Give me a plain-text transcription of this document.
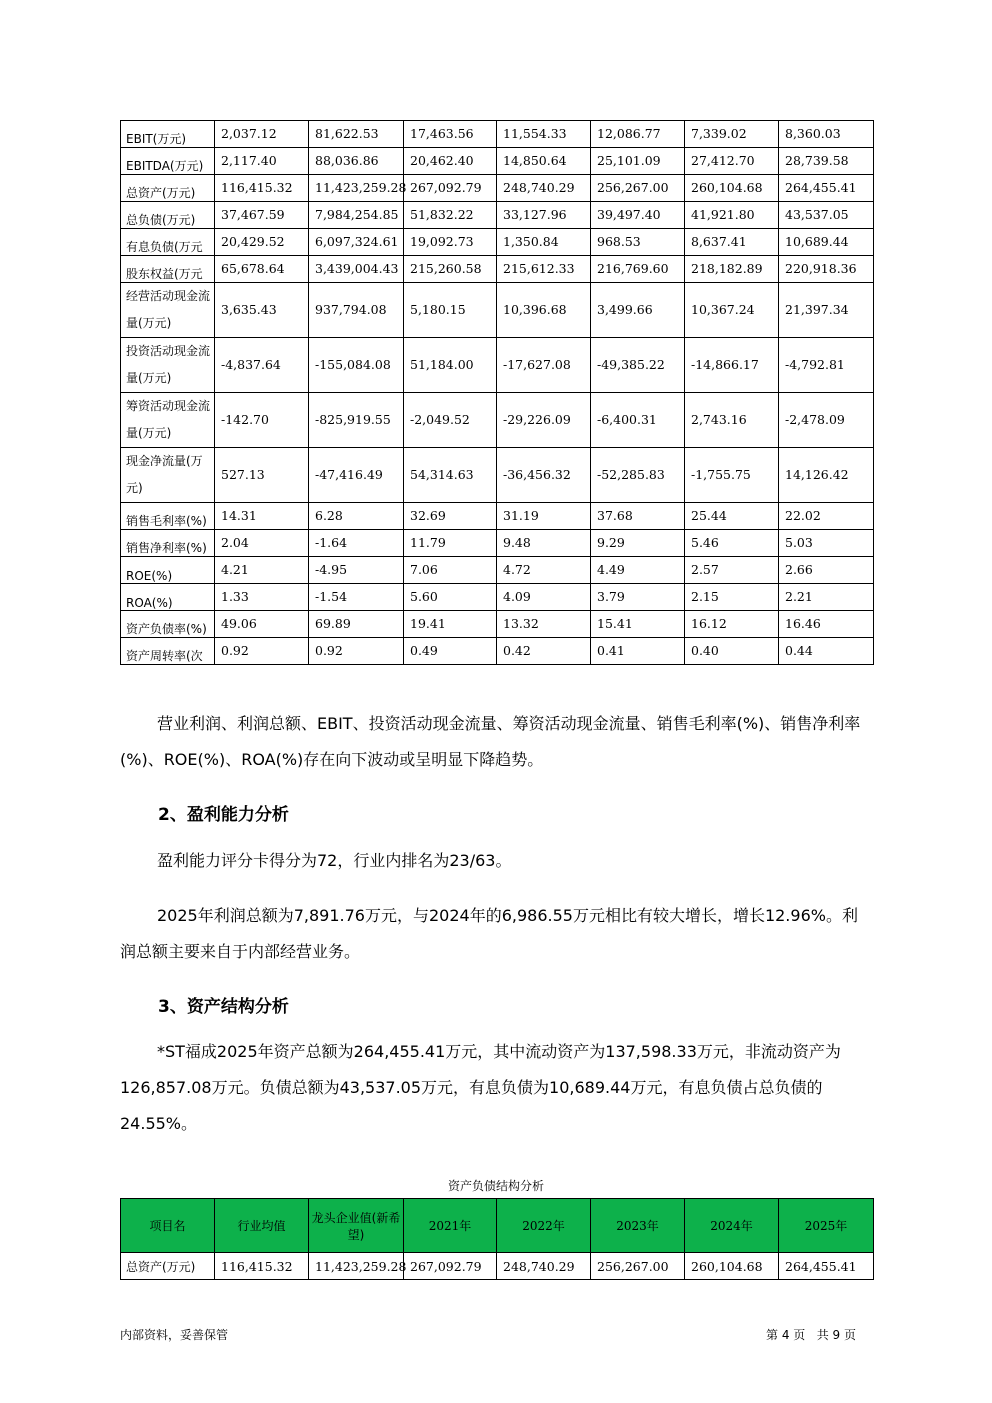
EBIT(万元)	2,037.12	81,622.53	17,463.56	11,554.33	12,086.77	7,339.02	8,360.03
EBITDA(万元)	2,117.40	88,036.86	20,462.40	14,850.64	25,101.09	27,412.70	28,739.58
总资产(万元)	116,415.32	11,423,259.28	267,092.79	248,740.29	256,267.00	260,104.68	264,455.41
总负债(万元)	37,467.59	7,984,254.85	51,832.22	33,127.96	39,497.40	41,921.80	43,537.05
有息负债(万元	20,429.52	6,097,324.61	19,092.73	1,350.84	968.53	8,637.41	10,689.44
股东权益(万元	65,678.64	3,439,004.43	215,260.58	215,612.33	216,769.60	218,182.89	220,918.36
经营活动现金流量(万元)	3,635.43	937,794.08	5,180.15	10,396.68	3,499.66	10,367.24	21,397.34
投资活动现金流量(万元)	-4,837.64	-155,084.08	51,184.00	-17,627.08	-49,385.22	-14,866.17	-4,792.81
筹资活动现金流量(万元)	-142.70	-825,919.55	-2,049.52	-29,226.09	-6,400.31	2,743.16	-2,478.09
现金净流量(万元)	527.13	-47,416.49	54,314.63	-36,456.32	-52,285.83	-1,755.75	14,126.42
销售毛利率(%)	14.31	6.28	32.69	31.19	37.68	25.44	22.02
销售净利率(%)	2.04	-1.64	11.79	9.48	9.29	5.46	5.03
ROE(%)	4.21	-4.95	7.06	4.72	4.49	2.57	2.66
ROA(%)	1.33	-1.54	5.60	4.09	3.79	2.15	2.21
资产负债率(%)	49.06	69.89	19.41	13.32	15.41	16.12	16.46
资产周转率(次	0.92	0.92	0.49	0.42	0.41	0.40	0.44
营业利润、利润总额、EBIT、投资活动现金流量、筹资活动现金流量、销售毛利率(%)、销售净利率(%)、ROE(%)、ROA(%)存在向下波动或呈明显下降趋势。
2、盈利能力分析
盈利能力评分卡得分为72，行业内排名为23/63。
2025年利润总额为7,891.76万元，与2024年的6,986.55万元相比有较大增长，增长12.96%。利润总额主要来自于内部经营业务。
3、资产结构分析
*ST福成2025年资产总额为264,455.41万元，其中流动资产为137,598.33万元，非流动资产为126,857.08万元。负债总额为43,537.05万元，有息负债为10,689.44万元，有息负债占总负债的24.55%。
资产负债结构分析
项目名	行业均值	龙头企业值(新希望)	2021年	2022年	2023年	2024年	2025年
总资产(万元)	116,415.32	11,423,259.28	267,092.79	248,740.29	256,267.00	260,104.68	264,455.41
内部资料，妥善保管	第 4 页   共 9 页
